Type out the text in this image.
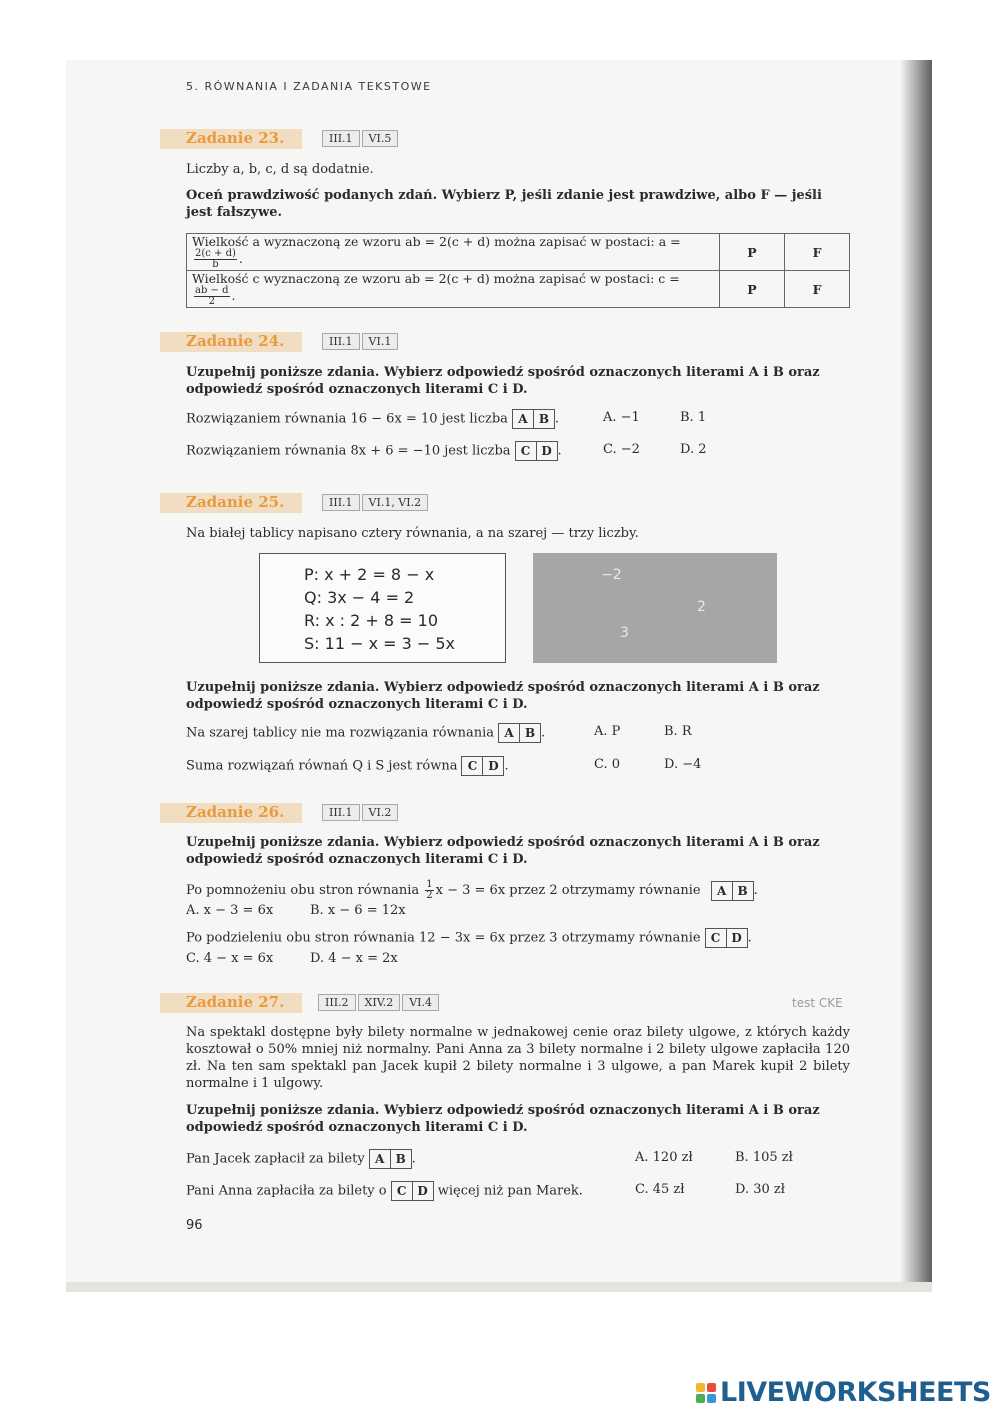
5. RÓWNANIA I ZADANIA TEKSTOWE
Zadanie 23.	III.1	VI.5
Liczby a, b, c, d są dodatnie.
Oceń prawdziwość podanych zdań. Wybierz P, jeśli zdanie jest prawdziwe, albo F — jeśli jest fałszywe.
Wielkość a wyznaczoną ze wzoru ab = 2(c + d) można zapisać w postaci: a =
$\frac{2(c + d)}{b}$ .	P	F
Wielkość c wyznaczoną ze wzoru ab = 2(c + d) można zapisać w postaci: c =
$\frac{ab - d}{2}$ .	P	F
Zadanie 24.	III.1	VI.1
Uzupełnij poniższe zdania. Wybierz odpowiedź spośród oznaczonych literami A i B oraz odpowiedź spośród oznaczonych literami C i D.
Rozwiązaniem równania 16 − 6x = 10 jest liczba A B .	A. −1	B. 1
Rozwiązaniem równania 8x + 6 = −10 jest liczba C D .	C. −2	D. 2
Zadanie 25.	III.1	VI.1, VI.2
Na białej tablicy napisano cztery równania, a na szarej — trzy liczby.
P: x + 2 = 8 − x
Q: 3x − 4 = 2
R: x : 2 + 8 = 10
S: 11 − x = 3 − 5x
−2
2
3
Uzupełnij poniższe zdania. Wybierz odpowiedź spośród oznaczonych literami A i B oraz odpowiedź spośród oznaczonych literami C i D.
Na szarej tablicy nie ma rozwiązania równania A B .	A. P	B. R
Suma rozwiązań równań Q i S jest równa C D .	C. 0	D. −4
Zadanie 26.	III.1	VI.2
Uzupełnij poniższe zdania. Wybierz odpowiedź spośród oznaczonych literami A i B oraz odpowiedź spośród oznaczonych literami C i D.
Po pomnożeniu obu stron równania $\frac{1}{2}$ x − 3 = 6x przez 2 otrzymamy równanie	A B .
A. x − 3 = 6x	B. x − 6 = 12x
Po podzieleniu obu stron równania 12 − 3x = 6x przez 3 otrzymamy równanie C D .
C. 4 − x = 6x	D. 4 − x = 2x
Zadanie 27.	III.2	XIV.2	VI.4	test CKE
Na spektakl dostępne były bilety normalne w jednakowej cenie oraz bilety ulgowe, z których każdy kosztował o 50% mniej niż normalny. Pani Anna za 3 bilety normalne i 2 bilety ulgowe zapłaciła 120 zł. Na ten sam spektakl pan Jacek kupił 2 bilety normalne i 3 ulgowe, a pan Marek kupił 2 bilety normalne i 1 ulgowy.
Uzupełnij poniższe zdania. Wybierz odpowiedź spośród oznaczonych literami A i B oraz odpowiedź spośród oznaczonych literami C i D.
Pan Jacek zapłacił za bilety A B .	A. 120 zł	B. 105 zł
Pani Anna zapłaciła za bilety o C D więcej niż pan Marek.	C. 45 zł	D. 30 zł
96
LIVEWORKSHEETS
